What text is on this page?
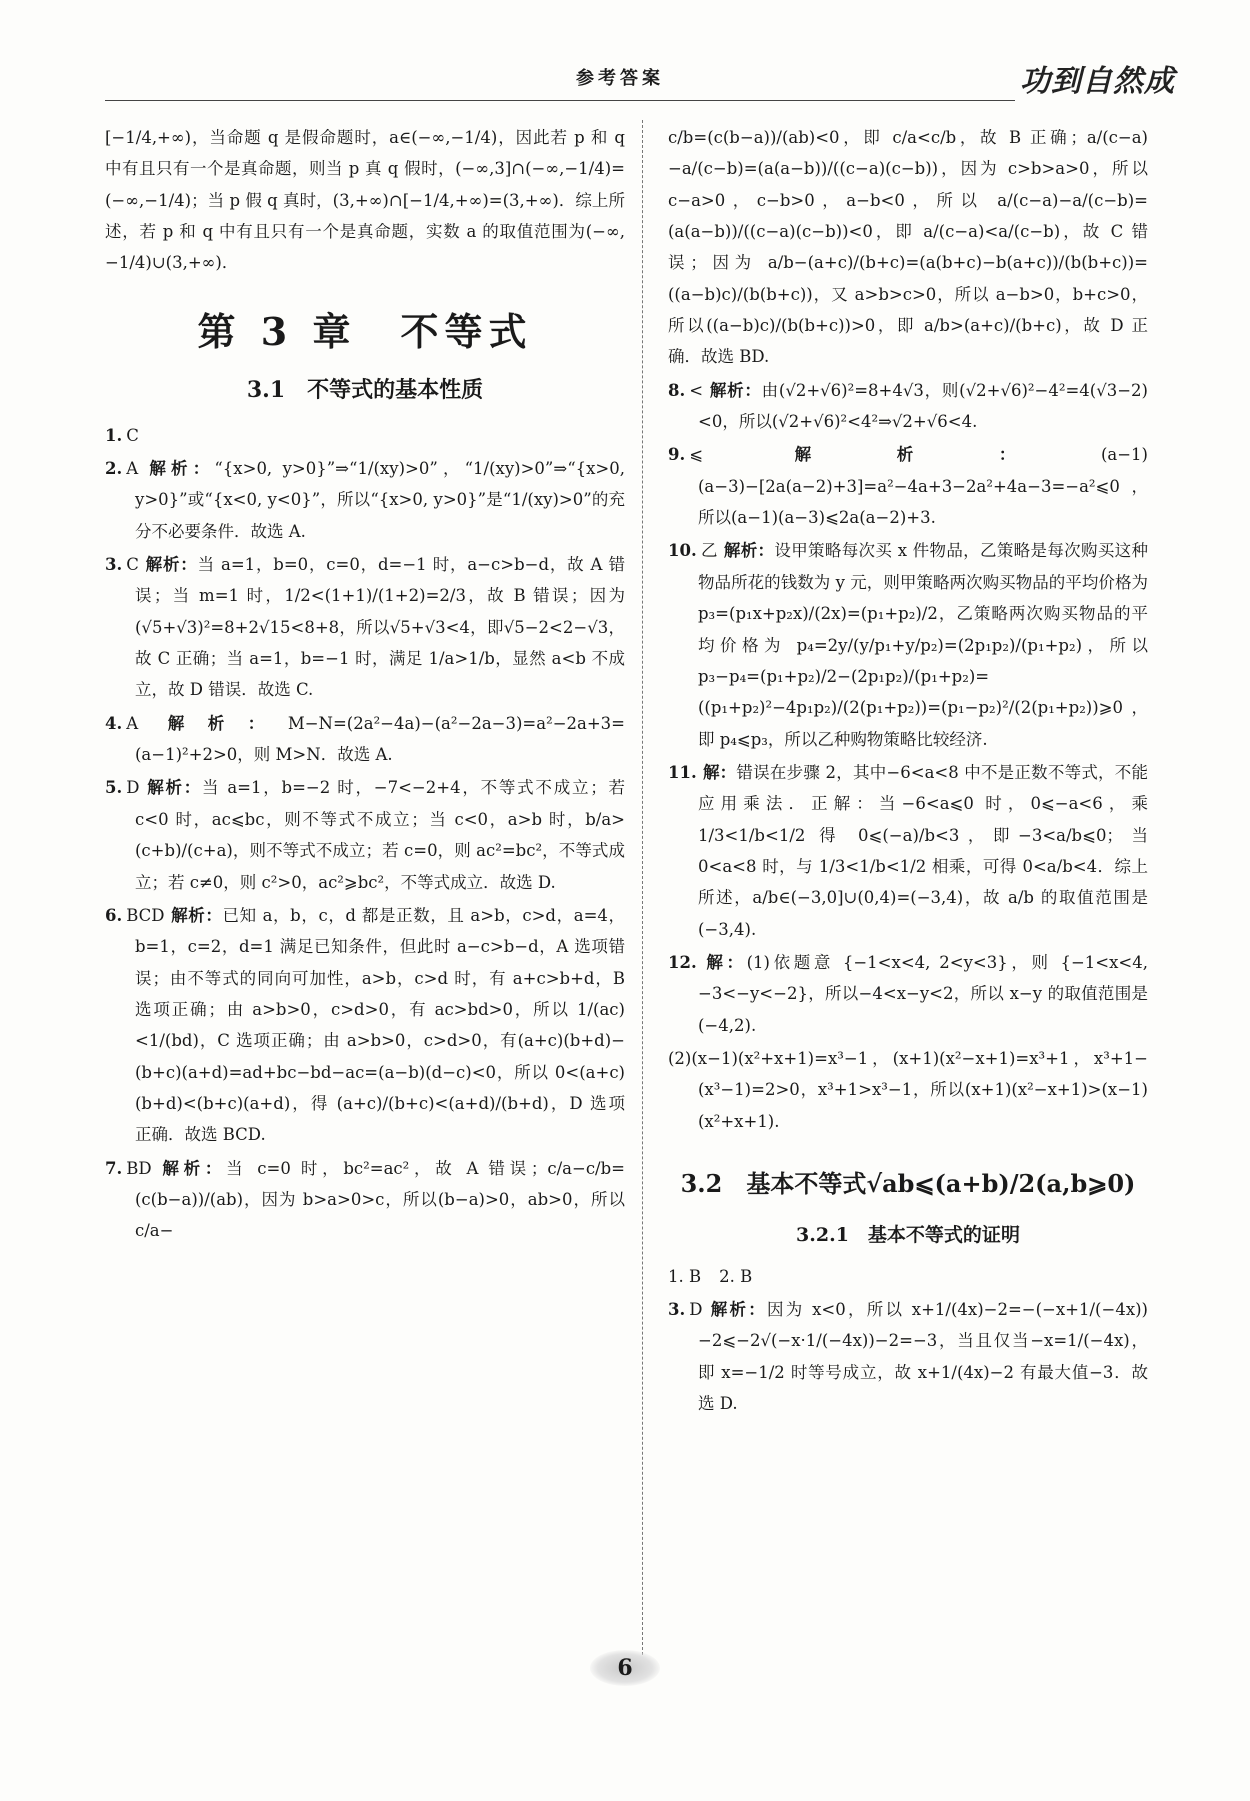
参考答案	功到自然成

[−1/4,+∞)，当命题 q 是假命题时，a∈(−∞,−1/4)，因此若 p 和 q 中有且只有一个是真命题，则当 p 真 q 假时，(−∞,3]∩(−∞,−1/4)=(−∞,−1/4)；当 p 假 q 真时，(3,+∞)∩[−1/4,+∞)=(3,+∞)．综上所述，若 p 和 q 中有且只有一个是真命题，实数 a 的取值范围为(−∞,−1/4)∪(3,+∞)．

第 3 章　不等式
3.1　不等式的基本性质

1. C

2. A 解析：“{x>0, y>0}”⇒“1/(xy)>0”，“1/(xy)>0”⇒“{x>0, y>0}”或“{x<0, y<0}”，所以“{x>0, y>0}”是“1/(xy)>0”的充分不必要条件．故选 A.

3. C 解析：当 a=1，b=0，c=0，d=−1 时，a−c>b−d，故 A 错误；当 m=1 时，1/2<(1+1)/(1+2)=2/3，故 B 错误；因为(√5+√3)²=8+2√15<8+8，所以√5+√3<4，即√5−2<2−√3，故 C 正确；当 a=1，b=−1 时，满足 1/a>1/b，显然 a<b 不成立，故 D 错误．故选 C.

4. A 解析：M−N=(2a²−4a)−(a²−2a−3)=a²−2a+3=(a−1)²+2>0，则 M>N．故选 A.

5. D 解析：当 a=1，b=−2 时，−7<−2+4，不等式不成立；若 c<0 时，ac⩽bc，则不等式不成立；当 c<0，a>b 时，b/a>(c+b)/(c+a)，则不等式不成立；若 c=0，则 ac²=bc²，不等式成立；若 c≠0，则 c²>0，ac²⩾bc²，不等式成立．故选 D.

6. BCD 解析：已知 a，b，c，d 都是正数，且 a>b，c>d，a=4，b=1，c=2，d=1 满足已知条件，但此时 a−c>b−d，A 选项错误；由不等式的同向可加性，a>b，c>d 时，有 a+c>b+d，B 选项正确；由 a>b>0，c>d>0，有 ac>bd>0，所以 1/(ac)<1/(bd)，C 选项正确；由 a>b>0，c>d>0，有(a+c)(b+d)−(b+c)(a+d)=ad+bc−bd−ac=(a−b)(d−c)<0，所以 0<(a+c)(b+d)<(b+c)(a+d)，得 (a+c)/(b+c)<(a+d)/(b+d)，D 选项正确．故选 BCD.

7. BD 解析：当 c=0 时，bc²=ac²，故 A 错误；c/a−c/b=(c(b−a))/(ab)，因为 b>a>0>c，所以(b−a)>0，ab>0，所以 c/a−

c/b=(c(b−a))/(ab)<0，即 c/a<c/b，故 B 正确；a/(c−a)−a/(c−b)=(a(a−b))/((c−a)(c−b))，因为 c>b>a>0，所以 c−a>0，c−b>0，a−b<0，所以 a/(c−a)−a/(c−b)=(a(a−b))/((c−a)(c−b))<0，即 a/(c−a)<a/(c−b)，故 C 错误；因为 a/b−(a+c)/(b+c)=(a(b+c)−b(a+c))/(b(b+c))=((a−b)c)/(b(b+c))，又 a>b>c>0，所以 a−b>0，b+c>0，所以((a−b)c)/(b(b+c))>0，即 a/b>(a+c)/(b+c)，故 D 正确．故选 BD.

8. < 解析：由(√2+√6)²=8+4√3，则(√2+√6)²−4²=4(√3−2)<0，所以(√2+√6)²<4²⇒√2+√6<4.

9. ⩽ 解析：(a−1)(a−3)−[2a(a−2)+3]=a²−4a+3−2a²+4a−3=−a²⩽0，所以(a−1)(a−3)⩽2a(a−2)+3.

10. 乙 解析：设甲策略每次买 x 件物品，乙策略是每次购买这种物品所花的钱数为 y 元，则甲策略两次购买物品的平均价格为 p₃=(p₁x+p₂x)/(2x)=(p₁+p₂)/2，乙策略两次购买物品的平均价格为 p₄=2y/(y/p₁+y/p₂)=(2p₁p₂)/(p₁+p₂)，所以 p₃−p₄=(p₁+p₂)/2−(2p₁p₂)/(p₁+p₂)=((p₁+p₂)²−4p₁p₂)/(2(p₁+p₂))=(p₁−p₂)²/(2(p₁+p₂))⩾0，即 p₄⩽p₃，所以乙种购物策略比较经济.

11. 解：错误在步骤 2，其中−6<a<8 中不是正数不等式，不能应用乘法．正解：当−6<a⩽0 时，0⩽−a<6，乘 1/3<1/b<1/2 得 0⩽(−a)/b<3，即−3<a/b⩽0；当 0<a<8 时，与 1/3<1/b<1/2 相乘，可得 0<a/b<4．综上所述，a/b∈(−3,0]∪(0,4)=(−3,4)，故 a/b 的取值范围是(−3,4).

12. 解：(1)依题意 {−1<x<4, 2<y<3}，则 {−1<x<4, −3<−y<−2}，所以−4<x−y<2，所以 x−y 的取值范围是(−4,2).

(2)(x−1)(x²+x+1)=x³−1，(x+1)(x²−x+1)=x³+1，x³+1−(x³−1)=2>0，x³+1>x³−1，所以(x+1)(x²−x+1)>(x−1)(x²+x+1).

3.2　基本不等式√ab⩽(a+b)/2(a,b⩾0)
3.2.1　基本不等式的证明

1. B 2. B

3. D 解析：因为 x<0，所以 x+1/(4x)−2=−(−x+1/(−4x))−2⩽−2√(−x·1/(−4x))−2=−3，当且仅当−x=1/(−4x)，即 x=−1/2 时等号成立，故 x+1/(4x)−2 有最大值−3．故选 D.

6
